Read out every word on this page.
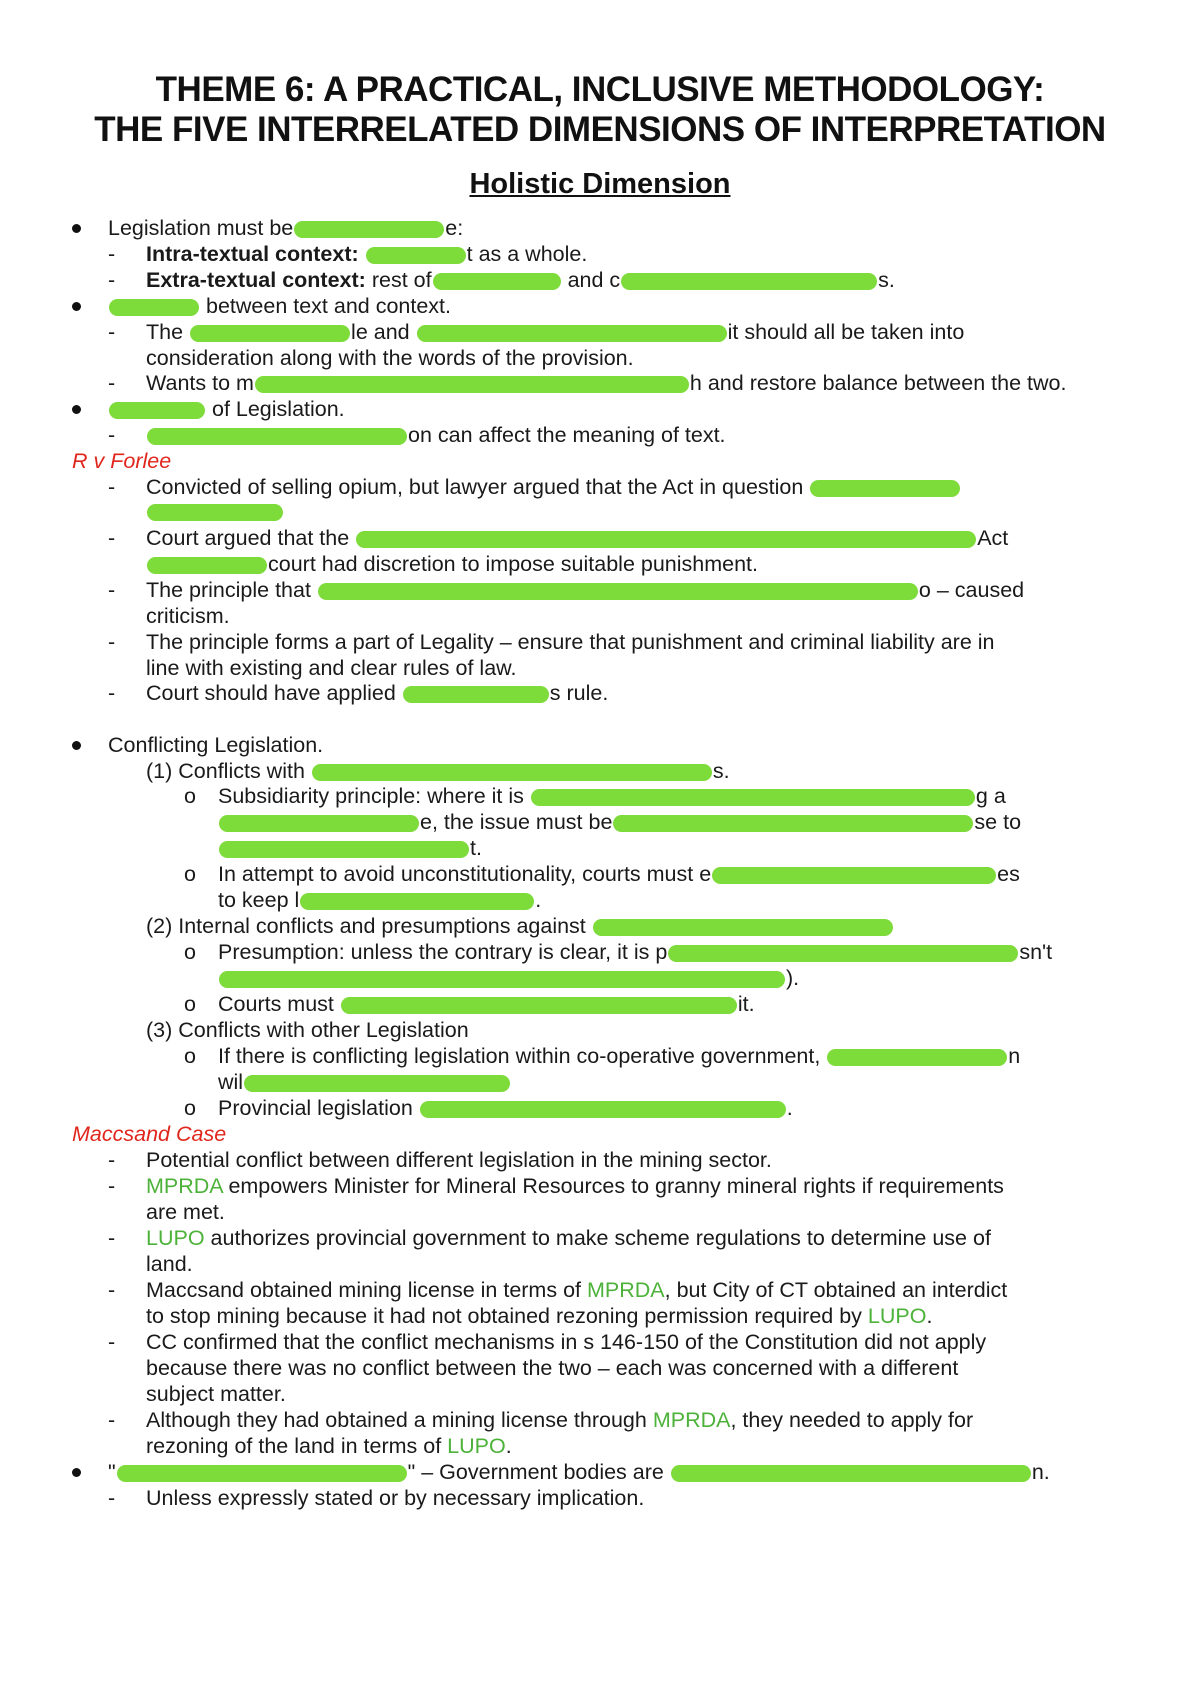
THEME 6: A PRACTICAL, INCLUSIVE METHODOLOGY:
THE FIVE INTERRELATED DIMENSIONS OF INTERPRETATION
Holistic Dimension
Legislation must be	e:
- Intra-textual context:	t as a whole.
- Extra-textual context: rest of	and c	s.
between text and context.
- The	le and	it should all be taken into
consideration along with the words of the provision.
- Wants to m	h and restore balance between the two.
of Legislation.
-	on can affect the meaning of text.
R v Forlee
- Convicted of selling opium, but lawyer argued that the Act in question
- Court argued that the	Act
court had discretion to impose suitable punishment.
- The principle that	o – caused
criticism.
- The principle forms a part of Legality – ensure that punishment and criminal liability are in
line with existing and clear rules of law.
- Court should have applied	s rule.
Conflicting Legislation.
(1) Conflicts with	s.
o Subsidiarity principle: where it is	g a
e, the issue must be	se to
t.
o In attempt to avoid unconstitutionality, courts must e	es
to keep l	.
(2) Internal conflicts and presumptions against
o Presumption: unless the contrary is clear, it is p	sn't
).
o Courts must	it.
(3) Conflicts with other Legislation
o If there is conflicting legislation within co-operative government,	n
wil
o Provincial legislation	.
Maccsand Case
- Potential conflict between different legislation in the mining sector.
- MPRDA empowers Minister for Mineral Resources to granny mineral rights if requirements
are met.
- LUPO authorizes provincial government to make scheme regulations to determine use of
land.
- Maccsand obtained mining license in terms of MPRDA, but City of CT obtained an interdict
to stop mining because it had not obtained rezoning permission required by LUPO.
- CC confirmed that the conflict mechanisms in s 146-150 of the Constitution did not apply
because there was no conflict between the two – each was concerned with a different
subject matter.
- Although they had obtained a mining license through MPRDA, they needed to apply for
rezoning of the land in terms of LUPO.
"	" – Government bodies are	n.
- Unless expressly stated or by necessary implication.
